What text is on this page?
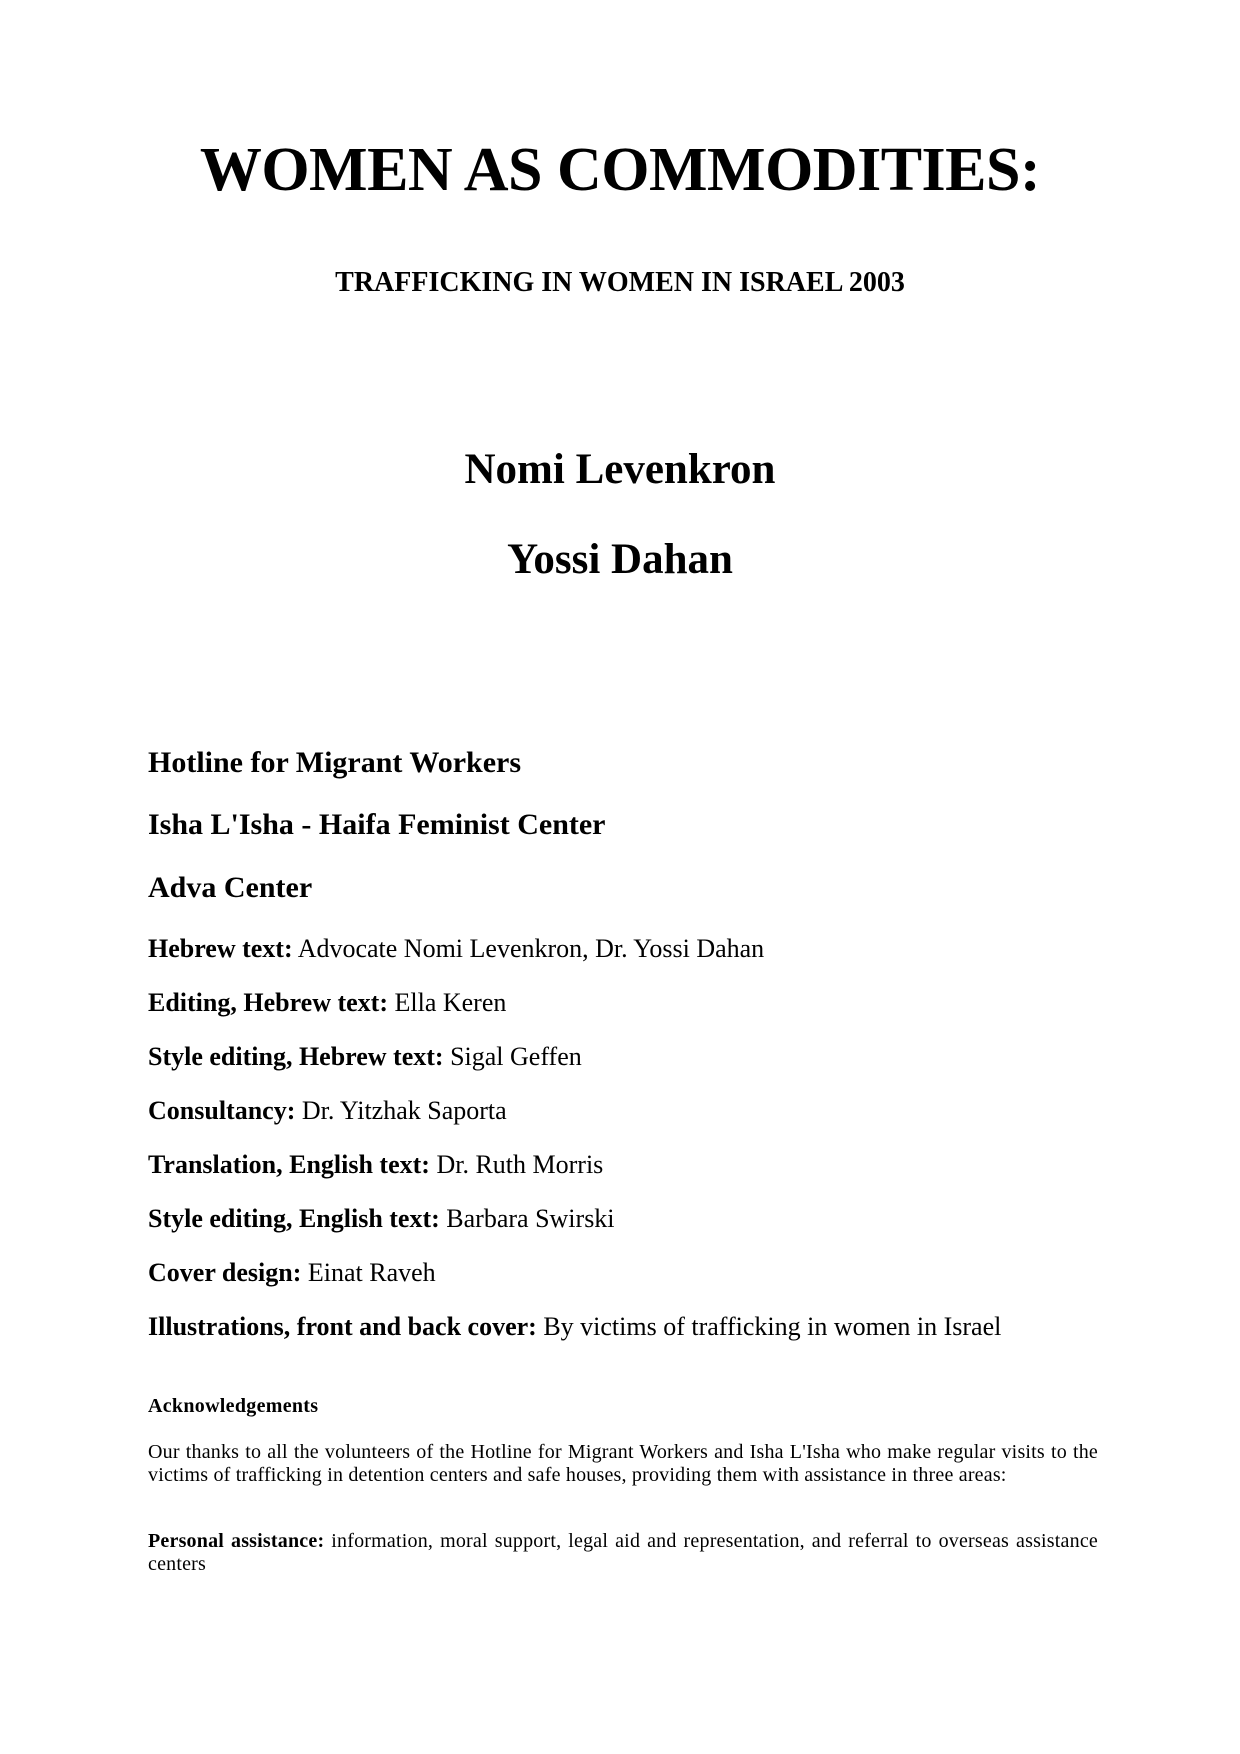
WOMEN AS COMMODITIES:
TRAFFICKING IN WOMEN IN ISRAEL 2003
Nomi Levenkron
Yossi Dahan
Hotline for Migrant Workers
Isha L'Isha - Haifa Feminist Center
Adva Center
Hebrew text: Advocate Nomi Levenkron, Dr. Yossi Dahan
Editing, Hebrew text: Ella Keren
Style editing, Hebrew text: Sigal Geffen
Consultancy: Dr. Yitzhak Saporta
Translation, English text: Dr. Ruth Morris
Style editing, English text: Barbara Swirski
Cover design: Einat Raveh
Illustrations, front and back cover: By victims of trafficking in women in Israel
Acknowledgements

Our thanks to all the volunteers of the Hotline for Migrant Workers and Isha L'Isha who make regular visits to the victims of trafficking in detention centers and safe houses, providing them with assistance in three areas:

Personal assistance: information, moral support, legal aid and representation, and referral to overseas assistance centers
